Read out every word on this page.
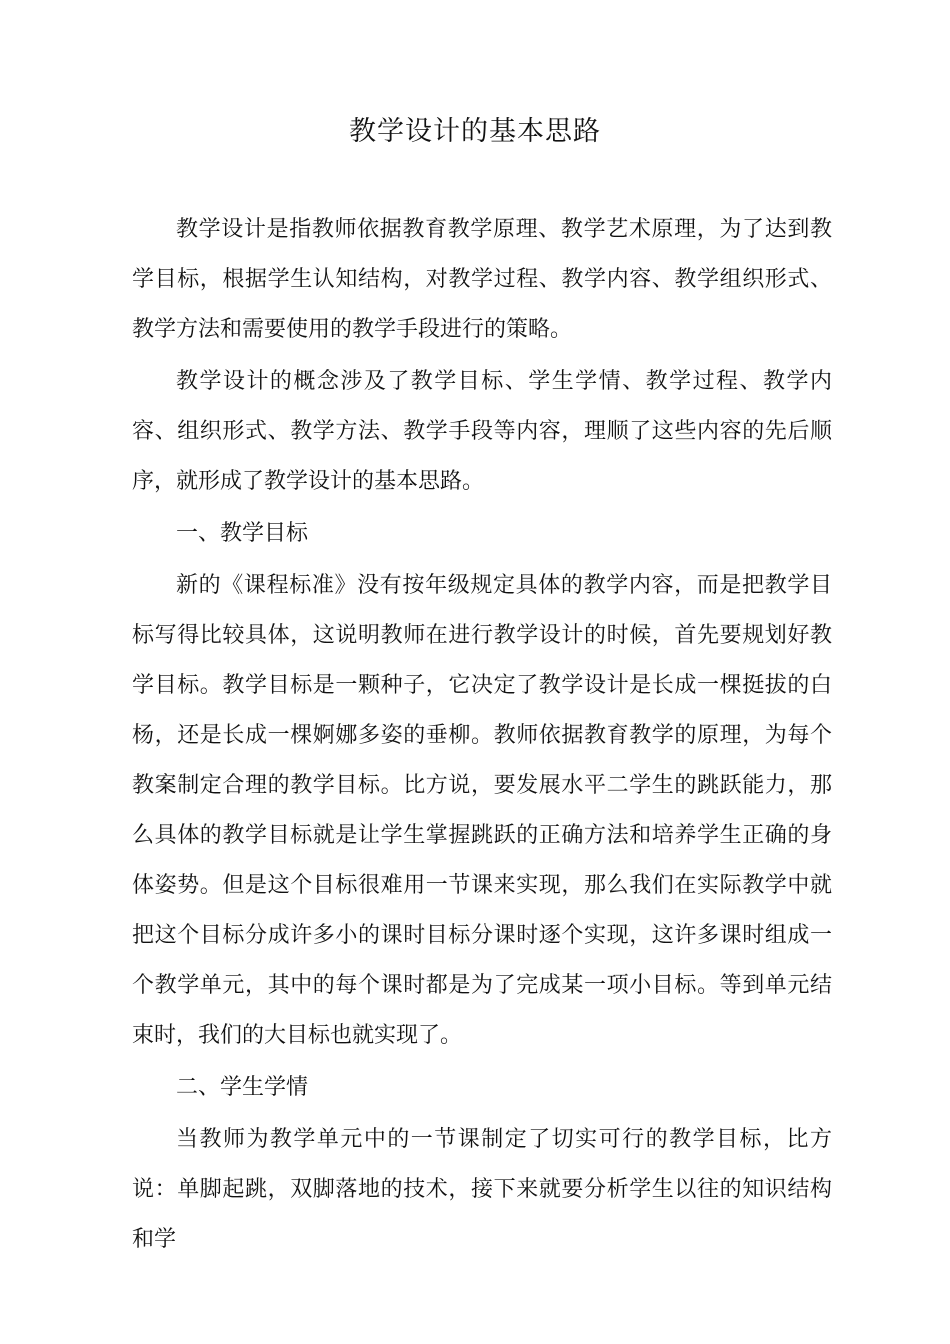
教学设计的基本思路

教学设计是指教师依据教育教学原理、教学艺术原理，为了达到教学目标，根据学生认知结构，对教学过程、教学内容、教学组织形式、教学方法和需要使用的教学手段进行的策略。

教学设计的概念涉及了教学目标、学生学情、教学过程、教学内容、组织形式、教学方法、教学手段等内容，理顺了这些内容的先后顺序，就形成了教学设计的基本思路。

一、教学目标

新的《课程标准》没有按年级规定具体的教学内容，而是把教学目标写得比较具体，这说明教师在进行教学设计的时候，首先要规划好教学目标。教学目标是一颗种子，它决定了教学设计是长成一棵挺拔的白杨，还是长成一棵婀娜多姿的垂柳。教师依据教育教学的原理，为每个教案制定合理的教学目标。比方说，要发展水平二学生的跳跃能力，那么具体的教学目标就是让学生掌握跳跃的正确方法和培养学生正确的身体姿势。但是这个目标很难用一节课来实现，那么我们在实际教学中就把这个目标分成许多小的课时目标分课时逐个实现，这许多课时组成一个教学单元，其中的每个课时都是为了完成某一项小目标。等到单元结束时，我们的大目标也就实现了。

二、学生学情

当教师为教学单元中的一节课制定了切实可行的教学目标，比方说：单脚起跳，双脚落地的技术，接下来就要分析学生以往的知识结构和学
